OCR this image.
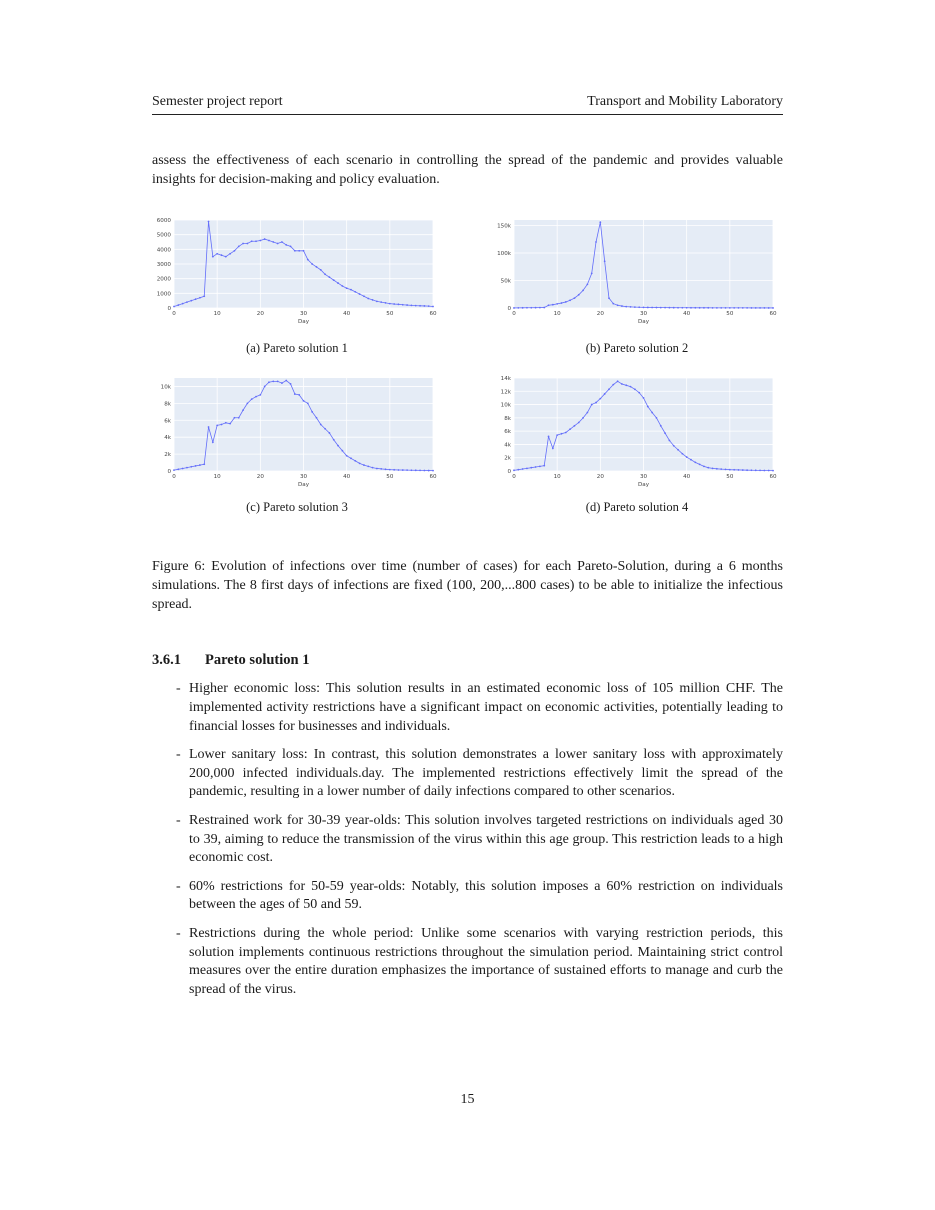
Semester project report	Transport and Mobility Laboratory
assess the effectiveness of each scenario in controlling the spread of the pandemic and provides valuable insights for decision-making and policy evaluation.
0	10	20	30	40	50	60
0
1000
2000
3000
4000
5000
6000
Day
(a) Pareto solution 1
0	10	20	30	40	50	60
0
50k
100k
150k
Day
(b) Pareto solution 2
0	10	20	30	40	50	60
0
2k
4k
6k
8k
10k
Day
(c) Pareto solution 3
0	10	20	30	40	50	60
0
2k
4k
6k
8k
10k
12k
14k
Day
(d) Pareto solution 4
Figure 6: Evolution of infections over time (number of cases) for each Pareto-Solution, during a 6 months simulations. The 8 first days of infections are fixed (100, 200,...800 cases) to be able to initialize the infectious spread.
3.6.1 Pareto solution 1
- Higher economic loss: This solution results in an estimated economic loss of 105 million CHF. The implemented activity restrictions have a significant impact on economic activities, potentially leading to financial losses for businesses and individuals.
- Lower sanitary loss: In contrast, this solution demonstrates a lower sanitary loss with approximately 200,000 infected individuals.day. The implemented restrictions effectively limit the spread of the pandemic, resulting in a lower number of daily infections compared to other scenarios.
- Restrained work for 30-39 year-olds: This solution involves targeted restrictions on individuals aged 30 to 39, aiming to reduce the transmission of the virus within this age group. This restriction leads to a high economic cost.
- 60% restrictions for 50-59 year-olds: Notably, this solution imposes a 60% restriction on individuals between the ages of 50 and 59.
- Restrictions during the whole period: Unlike some scenarios with varying restriction periods, this solution implements continuous restrictions throughout the simulation period. Maintaining strict control measures over the entire duration emphasizes the importance of sustained efforts to manage and curb the spread of the virus.
15
